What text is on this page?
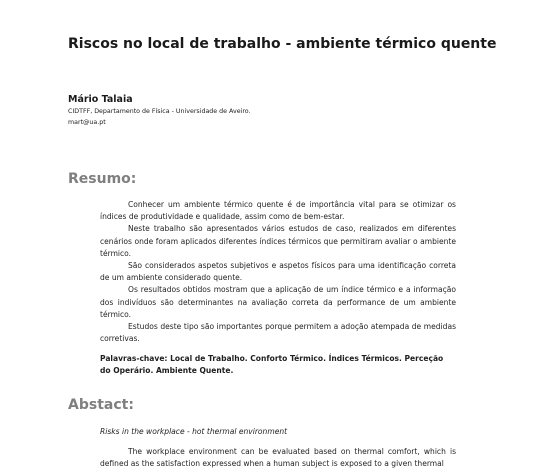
Riscos no local de trabalho - ambiente térmico quente
Mário Talaia
CIDTFF, Departamento de Física - Universidade de Aveiro.
mart@ua.pt
Resumo:

Conhecer um ambiente térmico quente é de importância vital para se otimizar os índices de produtividade e qualidade, assim como de bem-estar.

Neste trabalho são apresentados vários estudos de caso, realizados em diferentes cenários onde foram aplicados diferentes índices térmicos que permitiram avaliar o ambiente térmico.

São considerados aspetos subjetivos e aspetos físicos para uma identificação correta de um ambiente considerado quente.

Os resultados obtidos mostram que a aplicação de um índice térmico e a informação dos indivíduos são determinantes na avaliação correta da performance de um ambiente térmico.

Estudos deste tipo são importantes porque permitem a adoção atempada de medidas corretivas.

Palavras-chave: Local de Trabalho. Conforto Térmico. Índices Térmicos. Perceção do Operário. Ambiente Quente.
Abstact:
Risks in the workplace - hot thermal environment

The workplace environment can be evaluated based on thermal comfort, which is defined as the satisfaction expressed when a human subject is exposed to a given thermal
